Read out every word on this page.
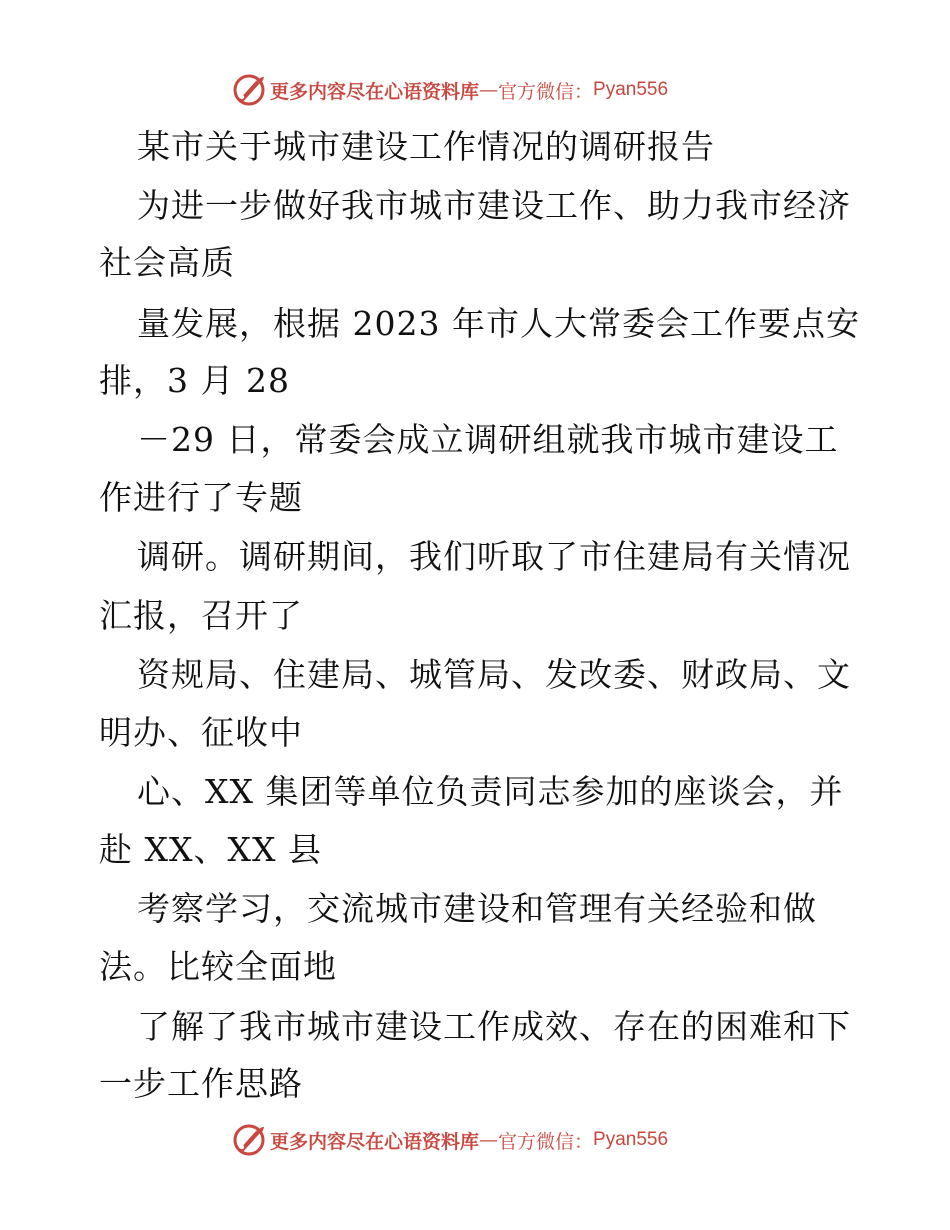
更多内容尽在心语资料库 — 官方微信： Pyan556
某市关于城市建设工作情况的调研报告
为进一步做好我市城市建设工作、助力我市经济
社会高质
量发展，根据 2023 年市人大常委会工作要点安
排，3 月 28
－29 日，常委会成立调研组就我市城市建设工
作进行了专题
调研。调研期间，我们听取了市住建局有关情况
汇报，召开了
资规局、住建局、城管局、发改委、财政局、文
明办、征收中
心、XX 集团等单位负责同志参加的座谈会，并
赴 XX、XX 县
考察学习，交流城市建设和管理有关经验和做
法。比较全面地
了解了我市城市建设工作成效、存在的困难和下
一步工作思路
更多内容尽在心语资料库 — 官方微信： Pyan556
